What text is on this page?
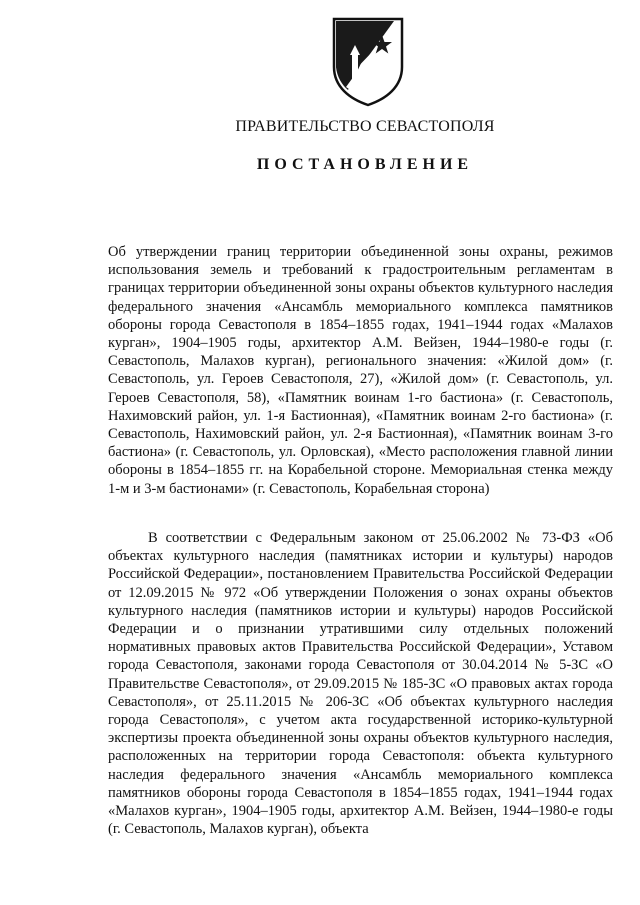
ПРАВИТЕЛЬСТВО СЕВАСТОПОЛЯ
ПОСТАНОВЛЕНИЕ
Об утверждении границ территории объединенной зоны охраны, режимов использования земель и требований к градостроительным регламентам в границах территории объединенной зоны охраны объектов культурного наследия федерального значения «Ансамбль мемориального комплекса памятников обороны города Севастополя в 1854–1855 годах, 1941–1944 годах «Малахов курган», 1904–1905 годы, архитектор А.М. Вейзен, 1944–1980-е годы (г. Севастополь, Малахов курган), регионального значения: «Жилой дом» (г. Севастополь, ул. Героев Севастополя, 27), «Жилой дом» (г. Севастополь, ул. Героев Севастополя, 58), «Памятник воинам 1-го бастиона» (г. Севастополь, Нахимовский район, ул. 1-я Бастионная), «Памятник воинам 2-го бастиона» (г. Севастополь, Нахимовский район, ул. 2-я Бастионная), «Памятник воинам 3-го бастиона» (г. Севастополь, ул. Орловская), «Место расположения главной линии обороны в 1854–1855 гг. на Корабельной стороне. Мемориальная стенка между 1-м и 3-м бастионами» (г. Севастополь, Корабельная сторона)
В соответствии с Федеральным законом от 25.06.2002 № 73-ФЗ «Об объектах культурного наследия (памятниках истории и культуры) народов Российской Федерации», постановлением Правительства Российской Федерации от 12.09.2015 № 972 «Об утверждении Положения о зонах охраны объектов культурного наследия (памятников истории и культуры) народов Российской Федерации и о признании утратившими силу отдельных положений нормативных правовых актов Правительства Российской Федерации», Уставом города Севастополя, законами города Севастополя от 30.04.2014 № 5-ЗС «О Правительстве Севастополя», от 29.09.2015 № 185-ЗС «О правовых актах города Севастополя», от 25.11.2015 № 206-ЗС «Об объектах культурного наследия города Севастополя», с учетом акта государственной историко-культурной экспертизы проекта объединенной зоны охраны объектов культурного наследия, расположенных на территории города Севастополя: объекта культурного наследия федерального значения «Ансамбль мемориального комплекса памятников обороны города Севастополя в 1854–1855 годах, 1941–1944 годах «Малахов курган», 1904–1905 годы, архитектор А.М. Вейзен, 1944–1980-е годы (г. Севастополь, Малахов курган), объекта
